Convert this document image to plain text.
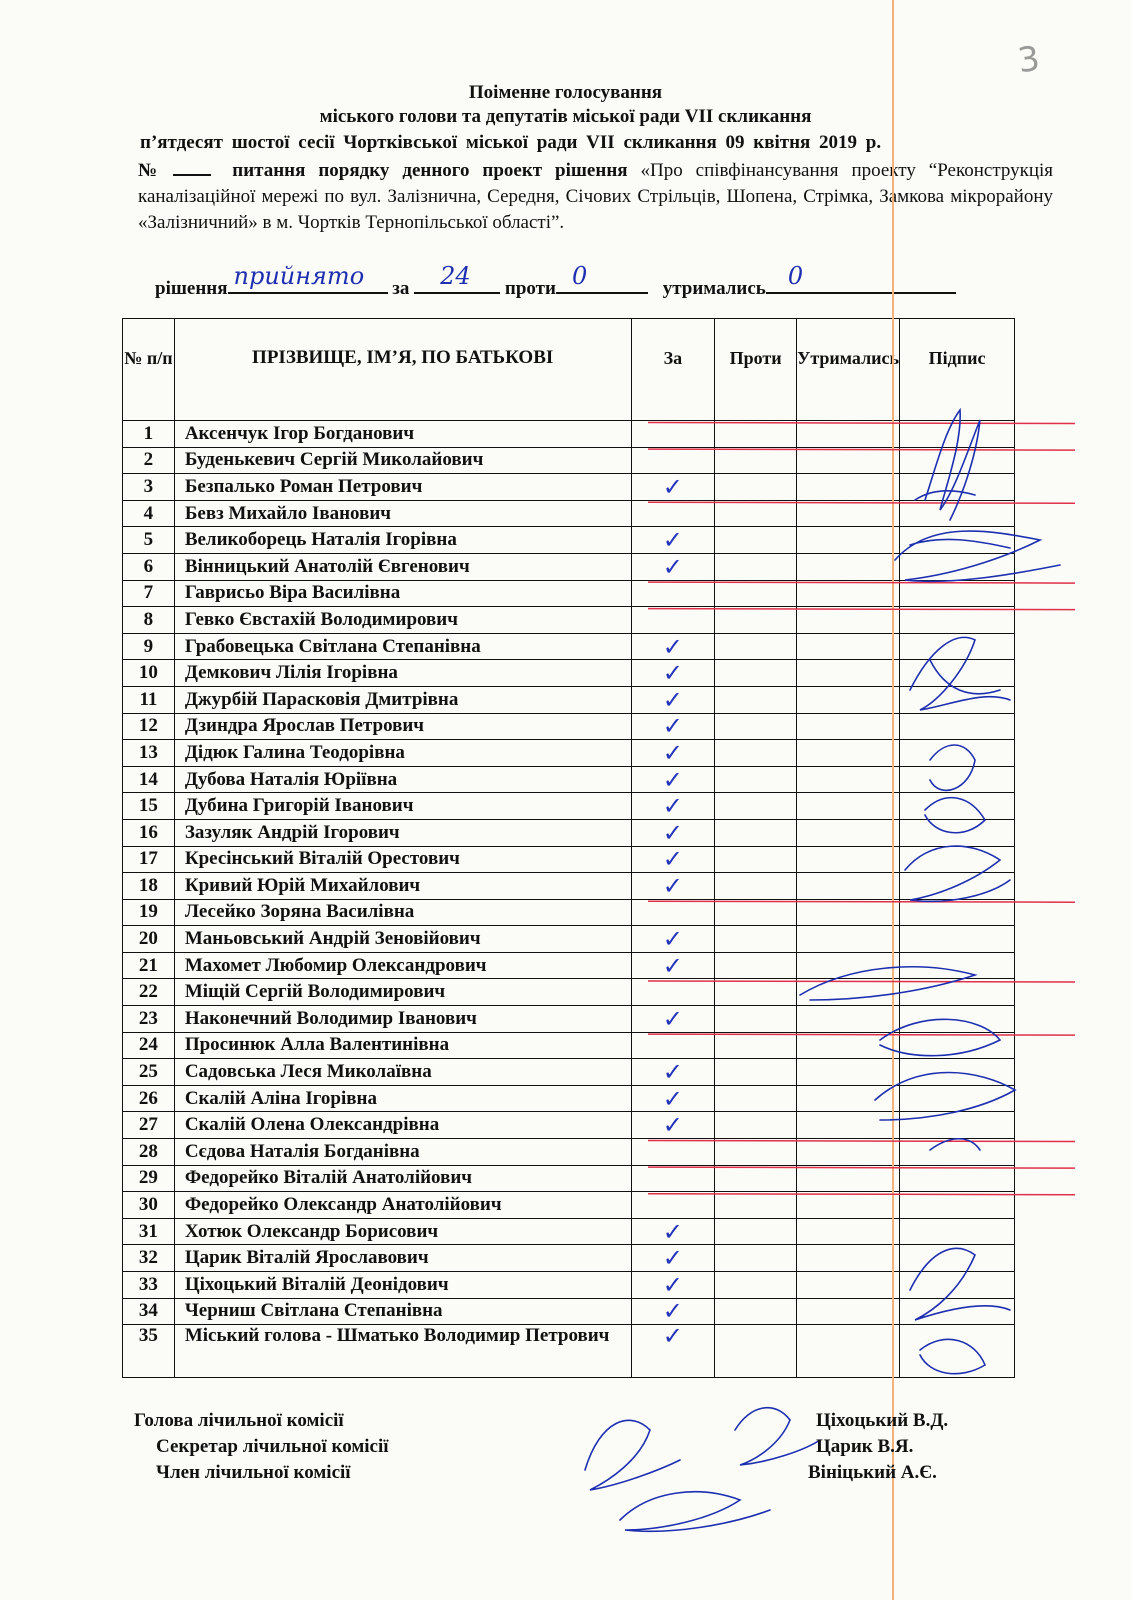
3
Поіменне голосування
міського голови та депутатів міської ради VII скликання
п’ятдесят шостої сесії Чортківської міської ради VII скликання 09 квітня 2019 р.
№	питання порядку денного проект рішення «Про співфінансування проекту “Реконструкція каналізаційної мережі по вул. Залізнична, Середня, Січових Стрільців, Шопена, Стрімка, Замкова мікрорайону «Залізничний» в м. Чортків Тернопільської області”.
рішення прийнято за 24 проти 0	утримались 0
№ п/п	ПРІЗВИЩЕ, ІМ’Я, ПО БАТЬКОВІ	За	Проти	Утримались	Підпис
1	Аксенчук Ігор Богданович				
2	Буденькевич Сергій Миколайович				
3	Безпалько Роман Петрович	✓			
4	Бевз Михайло Іванович				
5	Великоборець Наталія Ігорівна	✓			
6	Вінницький Анатолій Євгенович	✓			
7	Гаврисьо Віра Василівна				
8	Гевко Євстахій Володимирович				
9	Грабовецька Світлана Степанівна	✓			
10	Демкович Лілія Ігорівна	✓			
11	Джурбій Парасковія Дмитрівна	✓			
12	Дзиндра Ярослав Петрович	✓			
13	Дідюк Галина Теодорівна	✓			
14	Дубова Наталія Юріївна	✓			
15	Дубина Григорій Іванович	✓			
16	Зазуляк Андрій Ігорович	✓			
17	Кресінський Віталій Орестович	✓			
18	Кривий Юрій Михайлович	✓			
19	Лесейко Зоряна Василівна				
20	Маньовський Андрій Зеновійович	✓			
21	Махомет Любомир Олександрович	✓			
22	Міщій Сергій Володимирович				
23	Наконечний Володимир Іванович	✓			
24	Просинюк Алла Валентинівна				
25	Садовська Леся Миколаївна	✓			
26	Скалій Аліна Ігорівна	✓			
27	Скалій Олена Олександрівна	✓			
28	Сєдова Наталія Богданівна				
29	Федорейко Віталій Анатолійович				
30	Федорейко Олександр Анатолійович				
31	Хотюк Олександр Борисович	✓			
32	Царик Віталій Ярославович	✓			
33	Ціхоцький Віталій Деонідович	✓			
34	Черниш Світлана Степанівна	✓			
35	Міський голова - Шматько Володимир Петрович	✓			
Голова лічильної комісії	Ціхоцький В.Д.
Секретар лічильної комісії	Царик В.Я.
Член лічильної комісії	Вініцький А.Є.
